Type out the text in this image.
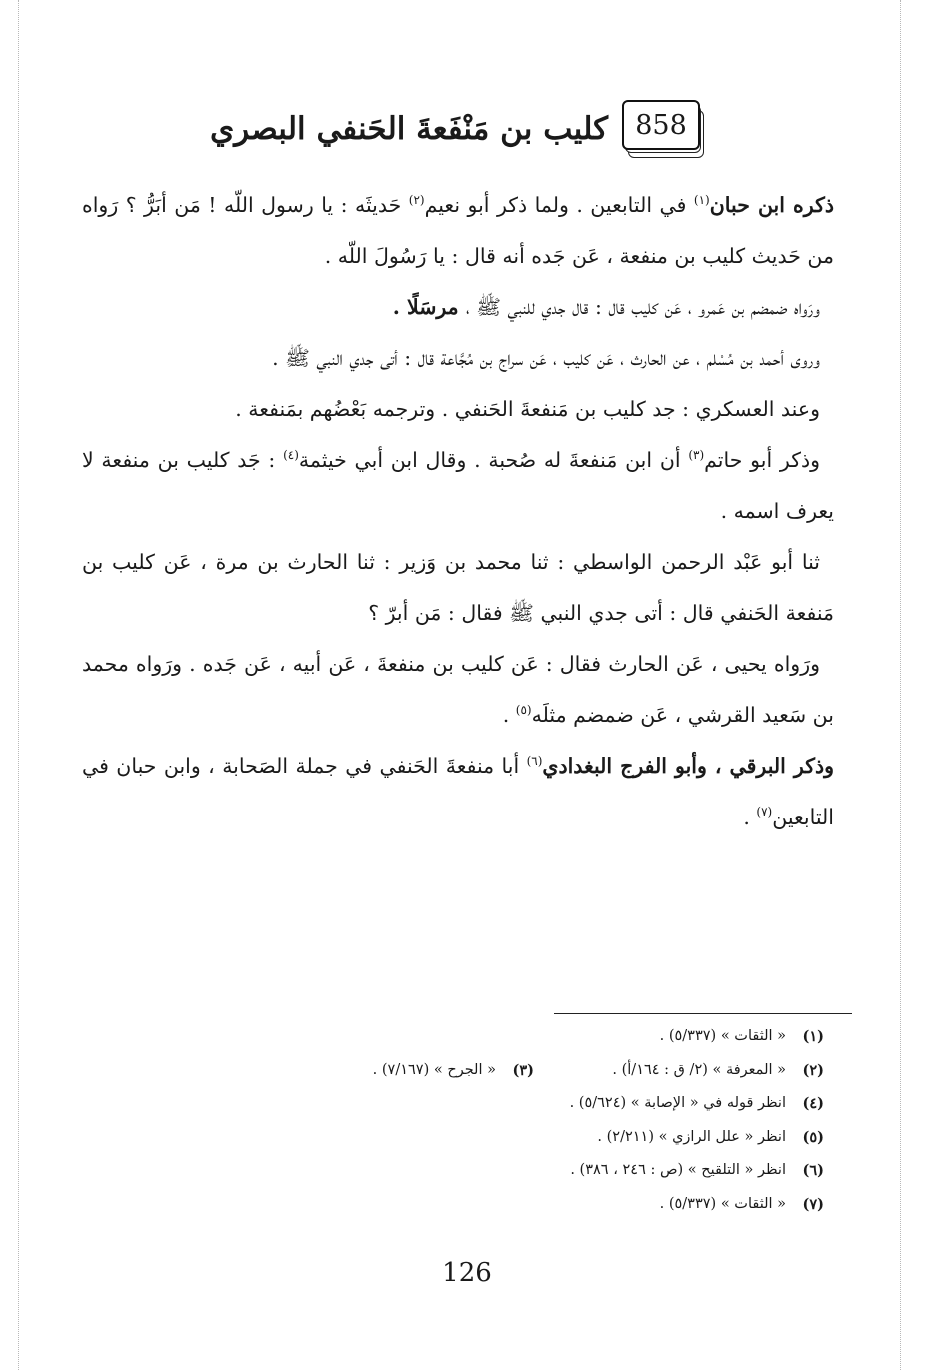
858
كليب بن مَنْفَعةَ الحَنفي البصري

ذكره ابن حبان$^{(١)}$ في التابعين . ولما ذكر أبو نعيم$^{(٢)}$ حَديثَه : يا رسول اللّه ! مَن أبَرُّ ؟ رَواه من حَديث كليب بن منفعة ، عَن جَده أنه قال : يا رَسُولَ اللّه .

ورَواه ضمضم بن عَمرو ، عَن كليب قال : قال جدي للنبي ﷺ ، مرسَلًا .

وروى أحمد بن مُسْلم ، عن الحارث ، عَن كليب ، عَن سراج بن مُجَّاعة قال : أتى جدي النبي ﷺ .

وعند العسكري : جد كليب بن مَنفعةَ الحَنفي . وترجمه بَعْضُهم بمَنفعة .

وذكر أبو حاتم$^{(٣)}$ أن ابن مَنفعةَ له صُحبة . وقال ابن أبي خيثمة$^{(٤)}$ : جَد كليب بن منفعة لا يعرف اسمه .

ثنا أبو عَبْد الرحمن الواسطي : ثنا محمد بن وَزير : ثنا الحارث بن مرة ، عَن كليب بن مَنفعة الحَنفي قال : أتى جدي النبي ﷺ فقال : مَن أبرّ ؟

ورَواه يحيى ، عَن الحارث فقال : عَن كليب بن منفعةَ ، عَن أبيه ، عَن جَده . ورَواه محمد بن سَعيد القرشي ، عَن ضمضم مثلَه$^{(٥)}$ .

وذكر البرقي ، وأبو الفرج البغدادي$^{(٦)}$ أبا منفعةَ الحَنفي في جملة الصَحابة ، وابن حبان في التابعين$^{(٧)}$ .

(١)
« الثقات » (٥/٣٣٧) .
(٢)
« المعرفة » (٢/ ق : ١٦٤/أ) .
(٣)
« الجرح » (٧/١٦٧) .
(٤)
انظر قوله في « الإصابة » (٥/٦٢٤) .
(٥)
انظر « علل الرازي » (٢/٢١١) .
(٦)
انظر « التلقيح » (ص : ٢٤٦ ، ٣٨٦) .
(٧)
« الثقات » (٥/٣٣٧) .
126
